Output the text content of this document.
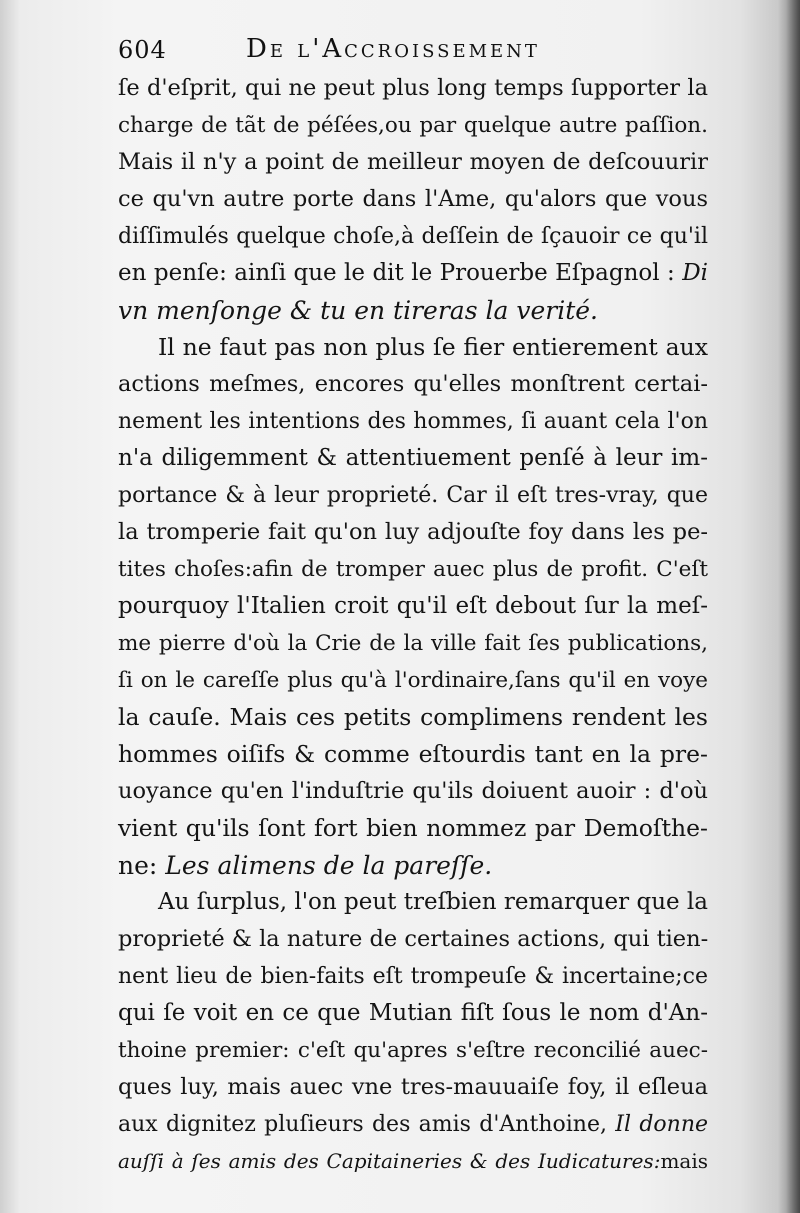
604	De l'Accroissement
ſe d'eſprit, qui ne peut plus long temps ſupporter la
charge de tãt de péſées,ou par quelque autre paſſion.
Mais il n'y a point de meilleur moyen de deſcouurir
ce qu'vn autre porte dans l'Ame, qu'alors que vous
diſſimulés quelque choſe,à deſſein de ſçauoir ce qu'il
en penſe: ainſi que le dit le Prouerbe Eſpagnol : Di
vn menſonge & tu en tireras la verité.
Il ne faut pas non plus ſe fier entierement aux
actions meſmes, encores qu'elles monſtrent certai-
nement les intentions des hommes, ſi auant cela l'on
n'a diligemment & attentiuement penſé à leur im-
portance & à leur proprieté. Car il eſt tres-vray, que
la tromperie fait qu'on luy adjouſte foy dans les pe-
tites choſes:afin de tromper auec plus de profit. C'eſt
pourquoy l'Italien croit qu'il eſt debout ſur la meſ-
me pierre d'où la Crie de la ville fait ſes publications,
ſi on le careſſe plus qu'à l'ordinaire,ſans qu'il en voye
la cauſe. Mais ces petits complimens rendent les
hommes oiſifs & comme eſtourdis tant en la pre-
uoyance qu'en l'induſtrie qu'ils doiuent auoir : d'où
vient qu'ils ſont fort bien nommez par Demoſthe-
ne: Les alimens de la pareſſe.
Au ſurplus, l'on peut treſbien remarquer que la
proprieté & la nature de certaines actions, qui tien-
nent lieu de bien-faits eſt trompeuſe & incertaine;ce
qui ſe voit en ce que Mutian fiſt ſous le nom d'An-
thoine premier: c'eſt qu'apres s'eſtre reconcilié auec-
ques luy, mais auec vne tres-mauuaiſe foy, il eſleua
aux dignitez pluſieurs des amis d'Anthoine, Il donne
auſſi à ſes amis des Capitaineries & des Iudicatures:mais
